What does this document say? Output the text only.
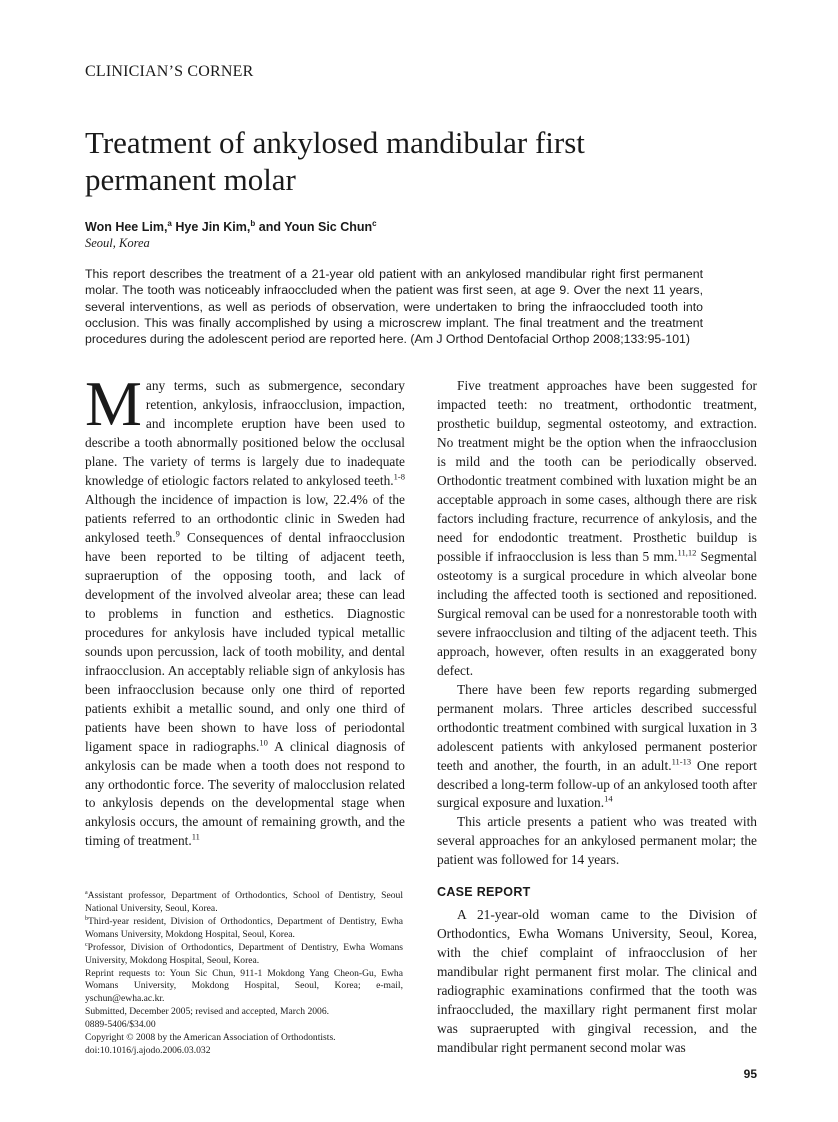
CLINICIAN’S CORNER
Treatment of ankylosed mandibular first
permanent molar
Won Hee Lim,$^a$ Hye Jin Kim,$^b$ and Youn Sic Chun$^c$
Seoul, Korea

This report describes the treatment of a 21-year old patient with an ankylosed mandibular right first permanent molar. The tooth was noticeably infraoccluded when the patient was first seen, at age 9. Over the next 11 years, several interventions, as well as periods of observation, were undertaken to bring the infraoccluded tooth into occlusion. This was finally accomplished by using a microscrew implant. The final treatment and the treatment procedures during the adolescent period are reported here. (Am J Orthod Dentofacial Orthop 2008;133:95-101)

Many terms, such as submergence, secondary retention, ankylosis, infraocclusion, impaction, and incomplete eruption have been used to describe a tooth abnormally positioned below the occlusal plane. The variety of terms is largely due to inadequate knowledge of etiologic factors related to ankylosed teeth.$^{1-8}$ Although the incidence of impaction is low, 22.4% of the patients referred to an orthodontic clinic in Sweden had ankylosed teeth.$^9$ Consequences of dental infraocclusion have been reported to be tilting of adjacent teeth, supraeruption of the opposing tooth, and lack of development of the involved alveolar area; these can lead to problems in function and esthetics. Diagnostic procedures for ankylosis have included typical metallic sounds upon percussion, lack of tooth mobility, and dental infraocclusion. An acceptably reliable sign of ankylosis has been infraocclusion because only one third of reported patients exhibit a metallic sound, and only one third of patients have been shown to have loss of periodontal ligament space in radiographs.$^{10}$ A clinical diagnosis of ankylosis can be made when a tooth does not respond to any orthodontic force. The severity of malocclusion related to ankylosis depends on the developmental stage when ankylosis occurs, the amount of remaining growth, and the timing of treatment.$^{11}$

$^a$Assistant professor, Department of Orthodontics, School of Dentistry, Seoul National University, Seoul, Korea.
$^b$Third-year resident, Division of Orthodontics, Department of Dentistry, Ewha Womans University, Mokdong Hospital, Seoul, Korea.
$^c$Professor, Division of Orthodontics, Department of Dentistry, Ewha Womans University, Mokdong Hospital, Seoul, Korea.
Reprint requests to: Youn Sic Chun, 911-1 Mokdong Yang Cheon-Gu, Ewha Womans University, Mokdong Hospital, Seoul, Korea; e-mail, yschun@ewha.ac.kr.
Submitted, December 2005; revised and accepted, March 2006.
0889-5406/$34.00
Copyright © 2008 by the American Association of Orthodontists.
doi:10.1016/j.ajodo.2006.03.032

Five treatment approaches have been suggested for impacted teeth: no treatment, orthodontic treatment, prosthetic buildup, segmental osteotomy, and extraction. No treatment might be the option when the infraocclusion is mild and the tooth can be periodically observed. Orthodontic treatment combined with luxation might be an acceptable approach in some cases, although there are risk factors including fracture, recurrence of ankylosis, and the need for endodontic treatment. Prosthetic buildup is possible if infraocclusion is less than 5 mm.$^{11,12}$ Segmental osteotomy is a surgical procedure in which alveolar bone including the affected tooth is sectioned and repositioned. Surgical removal can be used for a nonrestorable tooth with severe infraocclusion and tilting of the adjacent teeth. This approach, however, often results in an exaggerated bony defect.

There have been few reports regarding submerged permanent molars. Three articles described successful orthodontic treatment combined with surgical luxation in 3 adolescent patients with ankylosed permanent posterior teeth and another, the fourth, in an adult.$^{11-13}$ One report described a long-term follow-up of an ankylosed tooth after surgical exposure and luxation.$^{14}$

This article presents a patient who was treated with several approaches for an ankylosed permanent molar; the patient was followed for 14 years.

CASE REPORT

A 21-year-old woman came to the Division of Orthodontics, Ewha Womans University, Seoul, Korea, with the chief complaint of infraocclusion of her mandibular right permanent first molar. The clinical and radiographic examinations confirmed that the tooth was infraoccluded, the maxillary right permanent first molar was supraerupted with gingival recession, and the mandibular right permanent second molar was

95
